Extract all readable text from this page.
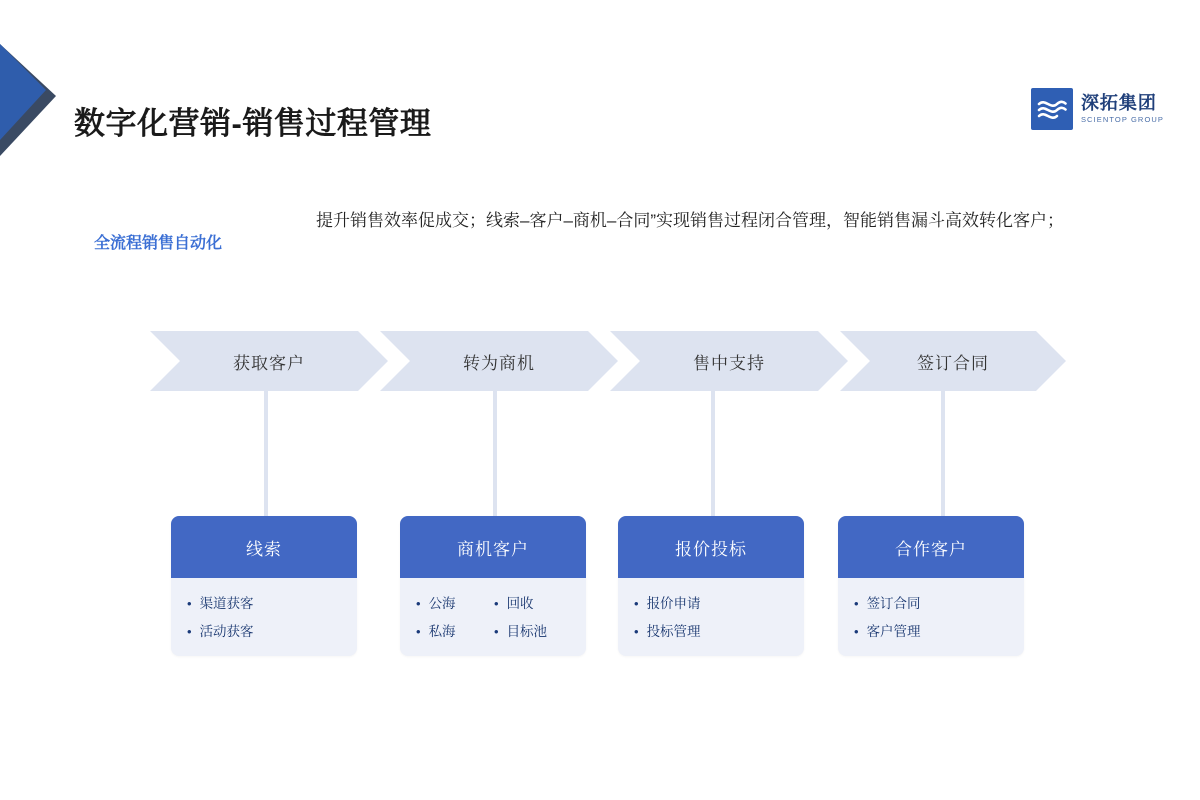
数字化营销-销售过程管理
深拓集团
SCIENTOP GROUP
全流程销售自动化
提升销售效率促成交；线索–客户–商机–合同”实现销售过程闭合管理，智能销售漏斗高效转化客户；
获取客户	转为商机	售中支持	签订合同
线索
• 渠道获客
• 活动获客
商机客户
• 公海	• 回收
• 私海	• 目标池
报价投标
• 报价申请
• 投标管理
合作客户
• 签订合同
• 客户管理
